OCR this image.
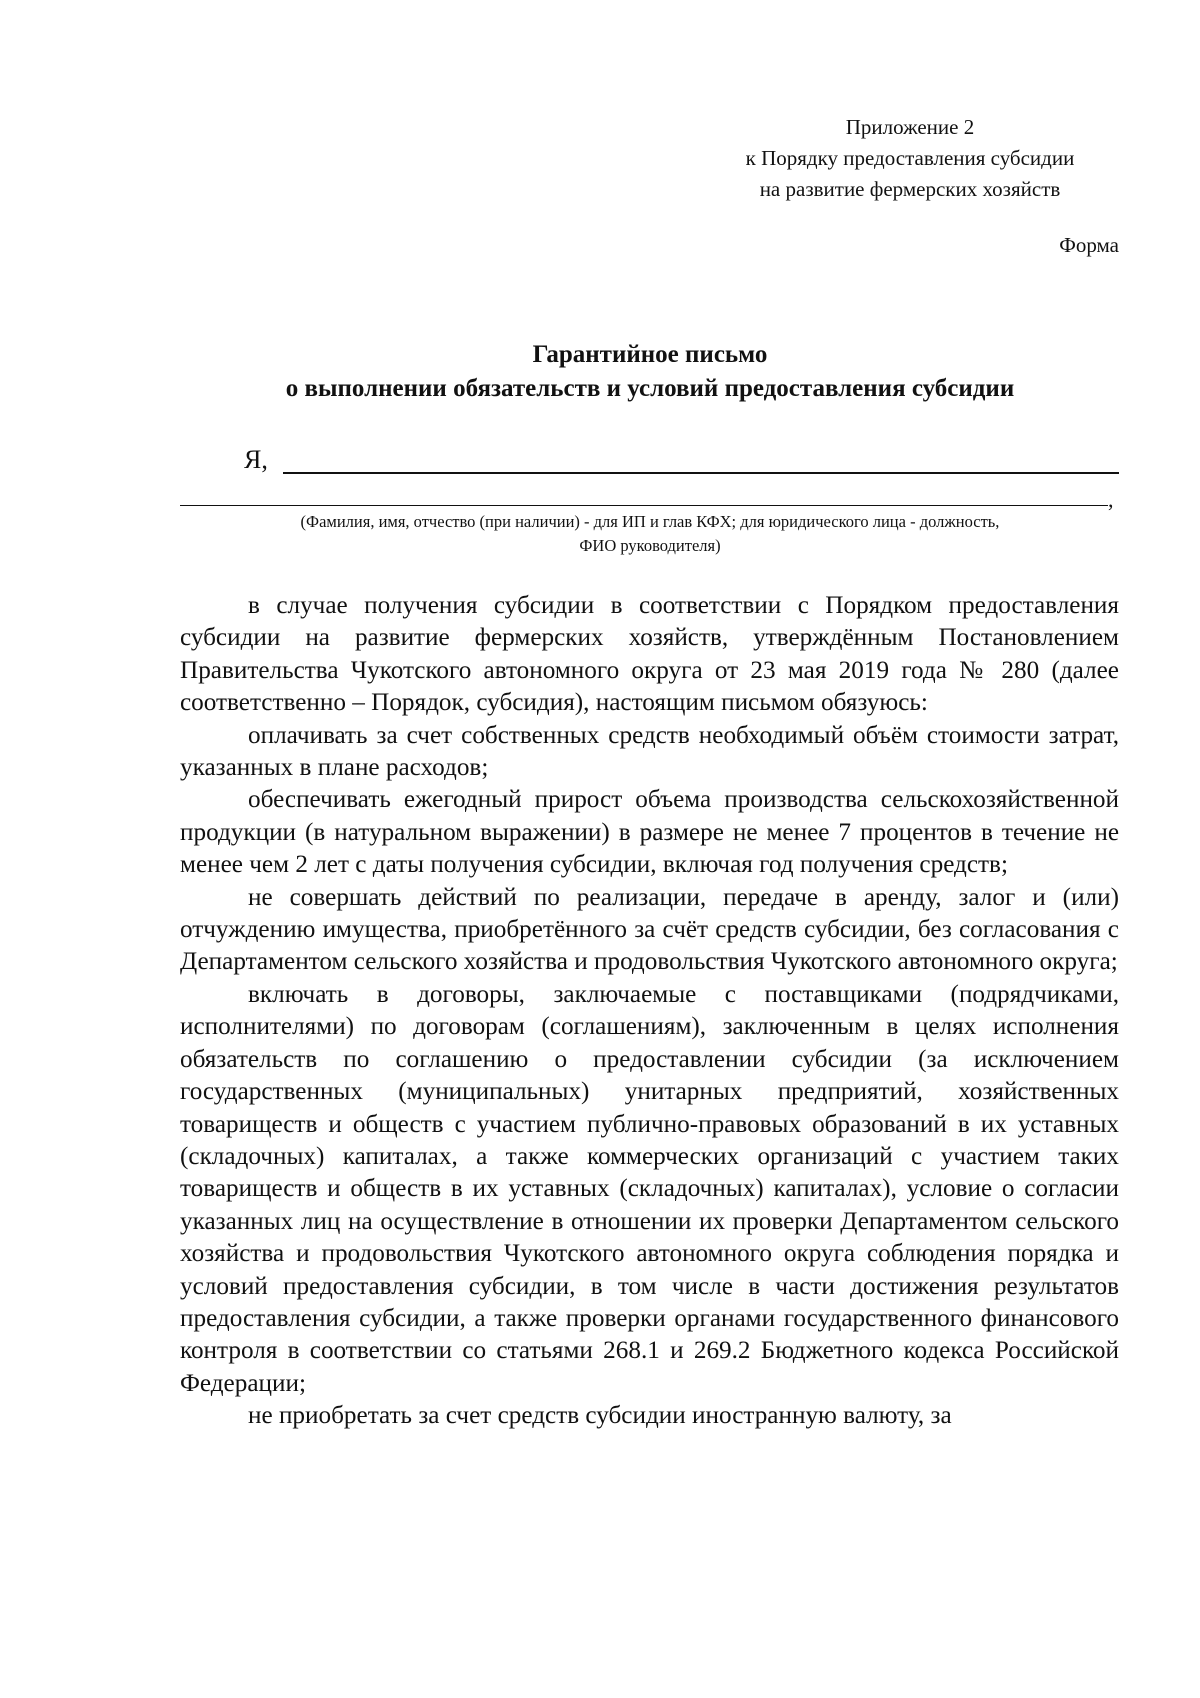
Приложение 2
к Порядку предоставления субсидии
на развитие фермерских хозяйств
Форма
Гарантийное письмо
о выполнении обязательств и условий предоставления субсидии
Я,
,
(Фамилия, имя, отчество (при наличии) - для ИП и глав КФХ; для юридического лица - должность,
ФИО руководителя)

в случае получения субсидии в соответствии с Порядком предоставления субсидии на развитие фермерских хозяйств, утверждённым Постановлением Правительства Чукотского автономного округа от 23 мая 2019 года № 280 (далее соответственно – Порядок, субсидия), настоящим письмом обязуюсь:

оплачивать за счет собственных средств необходимый объём стоимости затрат, указанных в плане расходов;

обеспечивать ежегодный прирост объема производства сельскохозяйственной продукции (в натуральном выражении) в размере не менее 7 процентов в течение не менее чем 2 лет с даты получения субсидии, включая год получения средств;

не совершать действий по реализации, передаче в аренду, залог и (или) отчуждению имущества, приобретённого за счёт средств субсидии, без согласования с Департаментом сельского хозяйства и продовольствия Чукотского автономного округа;

включать в договоры, заключаемые с поставщиками (подрядчиками, исполнителями) по договорам (соглашениям), заключенным в целях исполнения обязательств по соглашению о предоставлении субсидии (за исключением государственных (муниципальных) унитарных предприятий, хозяйственных товариществ и обществ с участием публично-правовых образований в их уставных (складочных) капиталах, а также коммерческих организаций с участием таких товариществ и обществ в их уставных (складочных) капиталах), условие о согласии указанных лиц на осуществление в отношении их проверки Департаментом сельского хозяйства и продовольствия Чукотского автономного округа соблюдения порядка и условий предоставления субсидии, в том числе в части достижения результатов предоставления субсидии, а также проверки органами государственного финансового контроля в соответствии со статьями 268.1 и 269.2 Бюджетного кодекса Российской Федерации;

не приобретать за счет средств субсидии иностранную валюту, за
